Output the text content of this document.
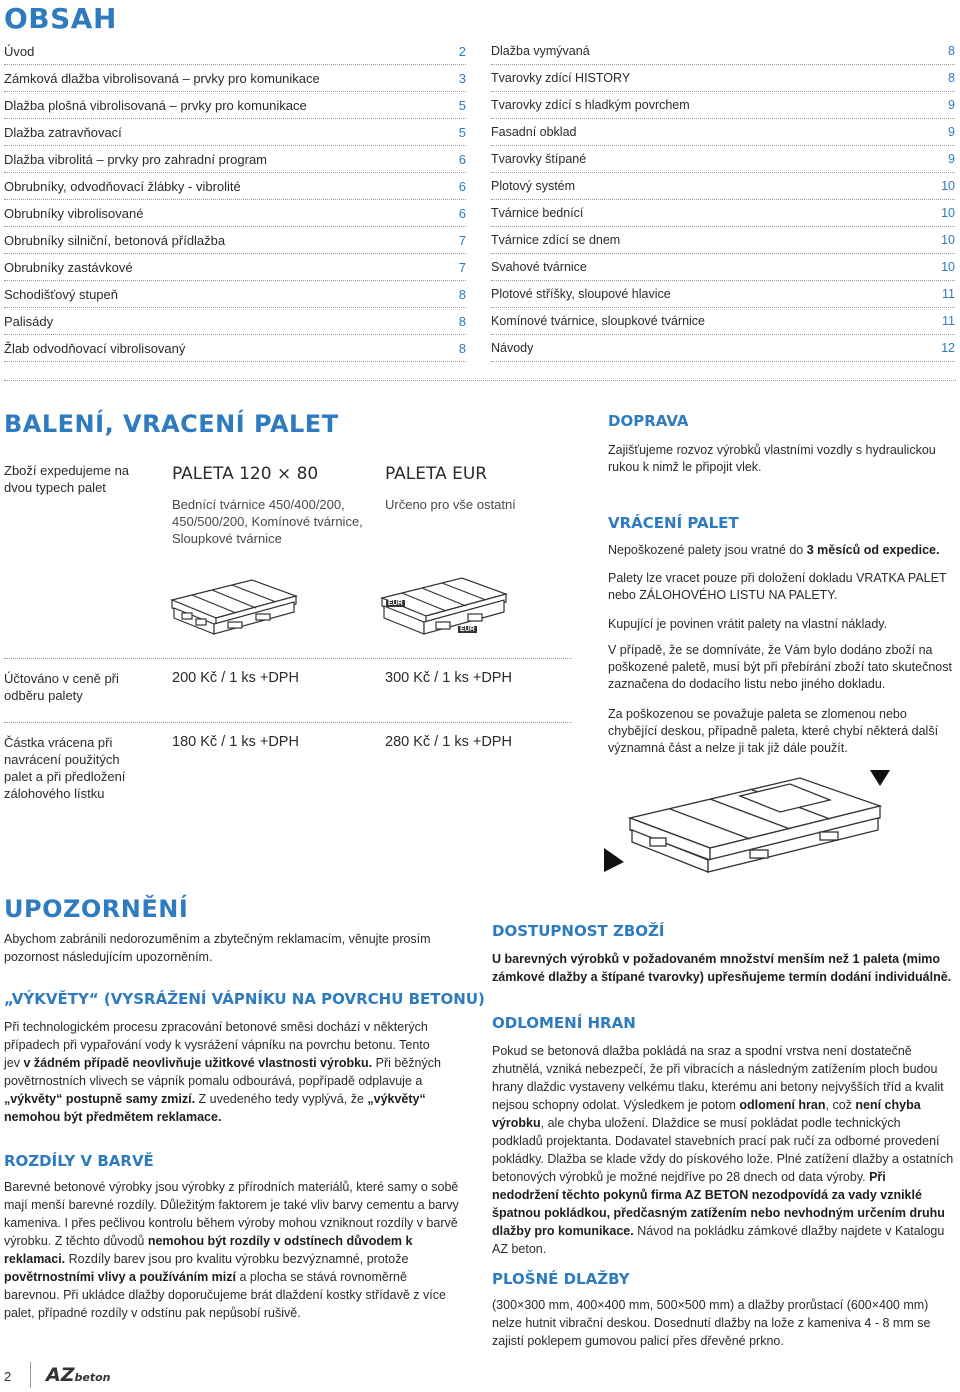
OBSAH
Úvod	2
Zámková dlažba vibrolisovaná – prvky pro komunikace	3
Dlažba plošná vibrolisovaná – prvky pro komunikace	5
Dlažba zatravňovací	5
Dlažba vibrolitá – prvky pro zahradní program	6
Obrubníky, odvodňovací žlábky - vibrolité	6
Obrubníky vibrolisované	6
Obrubníky silniční, betonová přídlažba	7
Obrubníky zastávkové	7
Schodišťový stupeň	8
Palisády	8
Žlab odvodňovací vibrolisovaný	8
Dlažba vymývaná	8
Tvarovky zdící HISTORY	8
Tvarovky zdící s hladkým povrchem	9
Fasadní obklad	9
Tvarovky štípané	9
Plotový systém	10
Tvárnice bednící	10
Tvárnice zdící se dnem	10
Svahové tvárnice	10
Plotové stříšky, sloupové hlavice	11
Komínové tvárnice, sloupkové tvárnice	11
Návody	12
BALENÍ, VRACENÍ PALET
Zboží expedujeme na dvou typech palet
PALETA 120 × 80
Bednící tvárnice 450/400/200, 450/500/200, Komínové tvárnice, Sloupkové tvárnice
PALETA EUR
Určeno pro vše ostatní
EUR
EUR
Účtováno v ceně při odběru palety
200 Kč / 1 ks +DPH	300 Kč / 1 ks +DPH
Částka vrácena při navrácení použitých palet a při předložení zálohového lístku
180 Kč / 1 ks +DPH	280 Kč / 1 ks +DPH
DOPRAVA
Zajišťujeme rozvoz výrobků vlastními vozdly s hydraulickou rukou k nimž le připojit vlek.
VRÁCENÍ PALET
Nepoškozené palety jsou vratné do 3 měsíců od expedice.
Palety lze vracet pouze při doložení dokladu VRATKA PALET nebo ZÁLOHOVÉHO LISTU NA PALETY.
Kupující je povinen vrátit palety na vlastní náklady.
V případě, že se domníváte, že Vám bylo dodáno zboží na poškozené paletě, musí být při přebírání zboží tato skutečnost zaznačena do dodacího listu nebo jiného dokladu.
Za poškozenou se považuje paleta se zlomenou nebo chybějící deskou, případně paleta, které chybí některá další významná část a nelze ji tak již dále použít.
UPOZORNĚNÍ
Abychom zabránili nedorozuměním a zbytečným reklamacím, věnujte prosím pozornost následujícím upozorněním.
„VÝKVĚTY“ (VYSRÁŽENÍ VÁPNÍKU NA POVRCHU BETONU)
Při technologickém procesu zpracování betonové směsi dochází v některých případech při vypařování vody k vysrážení vápníku na povrchu betonu. Tento jev v žádném případě neovlivňuje užitkové vlastnosti výrobku. Při běžných povětrnostních vlivech se vápník pomalu odbourává, popřípadě odplavuje a „výkvěty“ postupně samy zmizí. Z uvedeného tedy vyplývá, že „výkvěty“ nemohou být předmětem reklamace.
ROZDÍLY V BARVĚ
Barevné betonové výrobky jsou výrobky z přírodních materiálů, které samy o sobě mají menší barevné rozdíly. Důležitým faktorem je také vliv barvy cementu a barvy kameniva. I přes pečlivou kontrolu během výroby mohou vzniknout rozdíly v barvě výrobku. Z těchto důvodů nemohou být rozdíly v odstínech důvodem k reklamaci. Rozdíly barev jsou pro kvalitu výrobku bezvýznamné, protože povětrnostními vlivy a používáním mizí a plocha se stává rovnoměrně barevnou. Při ukládce dlažby doporučujeme brát dlaždení kostky střídavě z více palet, případné rozdíly v odstínu pak nepůsobí rušivě.
DOSTUPNOST ZBOŽÍ
U barevných výrobků v požadovaném množství menším než 1 paleta (mimo zámkové dlažby a štípané tvarovky) upřesňujeme termín dodání individuálně.
ODLOMENÍ HRAN
Pokud se betonová dlažba pokládá na sraz a spodní vrstva není dostatečně zhutnělá, vzniká nebezpečí, že při vibracích a následným zatížením ploch budou hrany dlaždic vystaveny velkému tlaku, kterému ani betony nejvyšších tříd a kvalit nejsou schopny odolat. Výsledkem je potom odlomení hran, což není chyba výrobku, ale chyba uložení. Dlaždice se musí pokládat podle technických podkladů projektanta. Dodavatel stavebních prací pak ručí za odborné provedení pokládky. Dlažba se klade vždy do pískového lože. Plné zatížení dlažby a ostatních betonových výrobků je možné nejdříve po 28 dnech od data výroby. Při nedodržení těchto pokynů firma AZ BETON nezodpovídá za vady vzniklé špatnou pokládkou, předčasným zatížením nebo nevhodným určením druhu dlažby pro komunikace. Návod na pokládku zámkové dlažby najdete v Katalogu AZ beton.
PLOŠNÉ DLAŽBY
(300×300 mm, 400×400 mm, 500×500 mm) a dlažby prorůstací (600×400 mm) nelze hutnit vibrační deskou. Dosednutí dlažby na lože z kameniva 4 - 8 mm se zajistí poklepem gumovou palicí přes dřevěné prkno.
2 AZbeton
